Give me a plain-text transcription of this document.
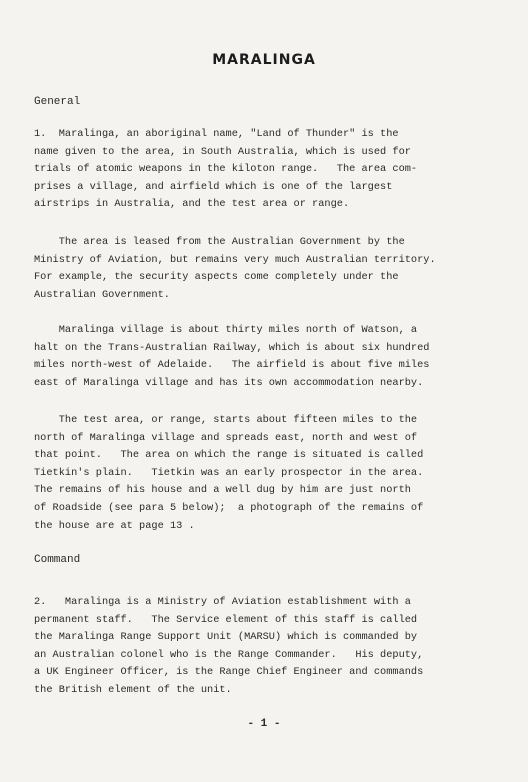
MARALINGA
General
1.  Maralinga, an aboriginal name, "Land of Thunder" is the
name given to the area, in South Australia, which is used for
trials of atomic weapons in the kiloton range.   The area com-
prises a village, and airfield which is one of the largest
airstrips in Australia, and the test area or range.
The area is leased from the Australian Government by the
Ministry of Aviation, but remains very much Australian territory.
For example, the security aspects come completely under the
Australian Government.
Maralinga village is about thirty miles north of Watson, a
halt on the Trans-Australian Railway, which is about six hundred
miles north-west of Adelaide.   The airfield is about five miles
east of Maralinga village and has its own accommodation nearby.
The test area, or range, starts about fifteen miles to the
north of Maralinga village and spreads east, north and west of
that point.   The area on which the range is situated is called
Tietkin's plain.   Tietkin was an early prospector in the area.
The remains of his house and a well dug by him are just north
of Roadside (see para 5 below);  a photograph of the remains of
the house are at page 13 .
Command
2.   Maralinga is a Ministry of Aviation establishment with a
permanent staff.   The Service element of this staff is called
the Maralinga Range Support Unit (MARSU) which is commanded by
an Australian colonel who is the Range Commander.   His deputy,
a UK Engineer Officer, is the Range Chief Engineer and commands
the British element of the unit.
- 1 -
